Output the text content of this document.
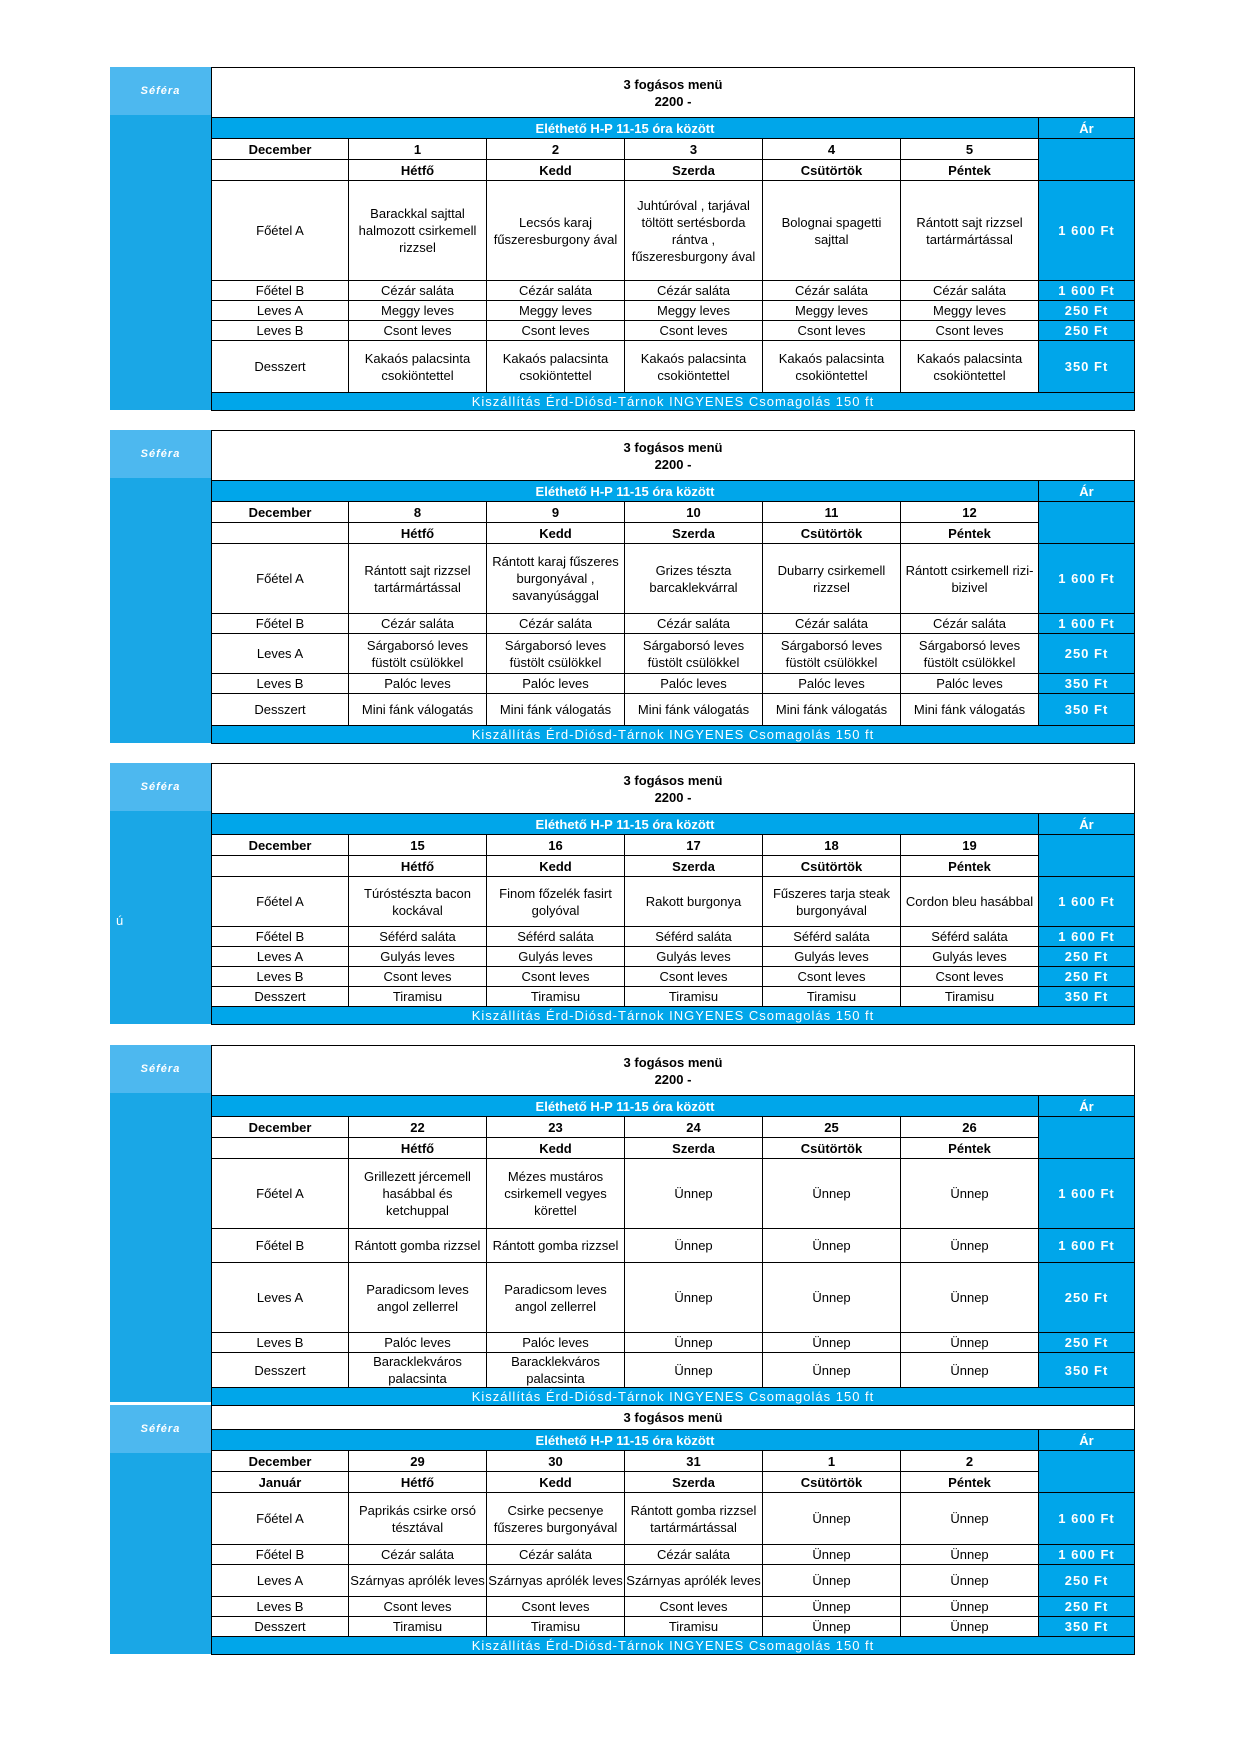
Séféra	3 fogásos menü
2200 -						

Eléthető H-P 11-15 óra között						Ár
December	1	2	3	4	5	
	Hétfő	Kedd	Szerda	Csütörtök	Péntek	
Főétel A	Barackkal sajttal halmozott csirkemell rizzsel	Lecsós karaj fűszeresburgony ával	Juhtúróval , tarjával töltött sertésborda rántva , fűszeresburgony ával	Bolognai spagetti sajttal	Rántott sajt rizzsel tartármártással	1 600 Ft
Főétel B	Cézár saláta	Cézár saláta	Cézár saláta	Cézár saláta	Cézár saláta	1 600 Ft
Leves A	Meggy leves	Meggy leves	Meggy leves	Meggy leves	Meggy leves	250 Ft
Leves B	Csont leves	Csont leves	Csont leves	Csont leves	Csont leves	250 Ft
Desszert	Kakaós palacsinta csokiöntettel	Kakaós palacsinta csokiöntettel	Kakaós palacsinta csokiöntettel	Kakaós palacsinta csokiöntettel	Kakaós palacsinta csokiöntettel	350 Ft
Kiszállítás Érd-Diósd-Tárnok INGYENES Csomagolás 150 ft						
Séféra	3 fogásos menü
2200 -						

Eléthető H-P 11-15 óra között						Ár
December	8	9	10	11	12	
	Hétfő	Kedd	Szerda	Csütörtök	Péntek	
Főétel A	Rántott sajt rizzsel tartármártással	Rántott karaj fűszeres burgonyával , savanyúsággal	Grizes tészta barcaklekvárral	Dubarry csirkemell rizzsel	Rántott csirkemell rizi-bizivel	1 600 Ft
Főétel B	Cézár saláta	Cézár saláta	Cézár saláta	Cézár saláta	Cézár saláta	1 600 Ft
Leves A	Sárgaborsó leves füstölt csülökkel	Sárgaborsó leves füstölt csülökkel	Sárgaborsó leves füstölt csülökkel	Sárgaborsó leves füstölt csülökkel	Sárgaborsó leves füstölt csülökkel	250 Ft
Leves B	Palóc leves	Palóc leves	Palóc leves	Palóc leves	Palóc leves	350 Ft
Desszert	Mini fánk válogatás	Mini fánk válogatás	Mini fánk válogatás	Mini fánk válogatás	Mini fánk válogatás	350 Ft
Kiszállítás Érd-Diósd-Tárnok INGYENES Csomagolás 150 ft						
Séféra
ú
3 fogásos menü
2200 -						

Eléthető H-P 11-15 óra között						Ár
December	15	16	17	18	19	
	Hétfő	Kedd	Szerda	Csütörtök	Péntek	
Főétel A	Túróstészta bacon kockával	Finom főzelék fasirt golyóval	Rakott burgonya	Fűszeres tarja steak burgonyával	Cordon bleu hasábbal	1 600 Ft
Főétel B	Séférd saláta	Séférd saláta	Séférd saláta	Séférd saláta	Séférd saláta	1 600 Ft
Leves A	Gulyás leves	Gulyás leves	Gulyás leves	Gulyás leves	Gulyás leves	250 Ft
Leves B	Csont leves	Csont leves	Csont leves	Csont leves	Csont leves	250 Ft
Desszert	Tiramisu	Tiramisu	Tiramisu	Tiramisu	Tiramisu	350 Ft
Kiszállítás Érd-Diósd-Tárnok INGYENES Csomagolás 150 ft						
Séféra	3 fogásos menü
2200 -						

Eléthető H-P 11-15 óra között						Ár
December	22	23	24	25	26	
	Hétfő	Kedd	Szerda	Csütörtök	Péntek	
Főétel A	Grillezett jércemell hasábbal és ketchuppal	Mézes mustáros csirkemell vegyes körettel	Ünnep	Ünnep	Ünnep	1 600 Ft
Főétel B	Rántott gomba rizzsel	Rántott gomba rizzsel	Ünnep	Ünnep	Ünnep	1 600 Ft
Leves A	Paradicsom leves angol zellerrel	Paradicsom leves angol zellerrel	Ünnep	Ünnep	Ünnep	250 Ft
Leves B	Palóc leves	Palóc leves	Ünnep	Ünnep	Ünnep	250 Ft
Desszert	Baracklekváros palacsinta	Baracklekváros palacsinta	Ünnep	Ünnep	Ünnep	350 Ft
Kiszállítás Érd-Diósd-Tárnok INGYENES Csomagolás 150 ft						
Séféra
3 fogásos menü						

Eléthető H-P 11-15 óra között						Ár
December	29	30	31	1	2	
Január	Hétfő	Kedd	Szerda	Csütörtök	Péntek	
Főétel A	Paprikás csirke orsó tésztával	Csirke pecsenye fűszeres burgonyával	Rántott gomba rizzsel tartármártással	Ünnep	Ünnep	1 600 Ft
Főétel B	Cézár saláta	Cézár saláta	Cézár saláta	Ünnep	Ünnep	1 600 Ft
Leves A	Szárnyas aprólék leves	Szárnyas aprólék leves	Szárnyas aprólék leves	Ünnep	Ünnep	250 Ft
Leves B	Csont leves	Csont leves	Csont leves	Ünnep	Ünnep	250 Ft
Desszert	Tiramisu	Tiramisu	Tiramisu	Ünnep	Ünnep	350 Ft
Kiszállítás Érd-Diósd-Tárnok INGYENES Csomagolás 150 ft						
